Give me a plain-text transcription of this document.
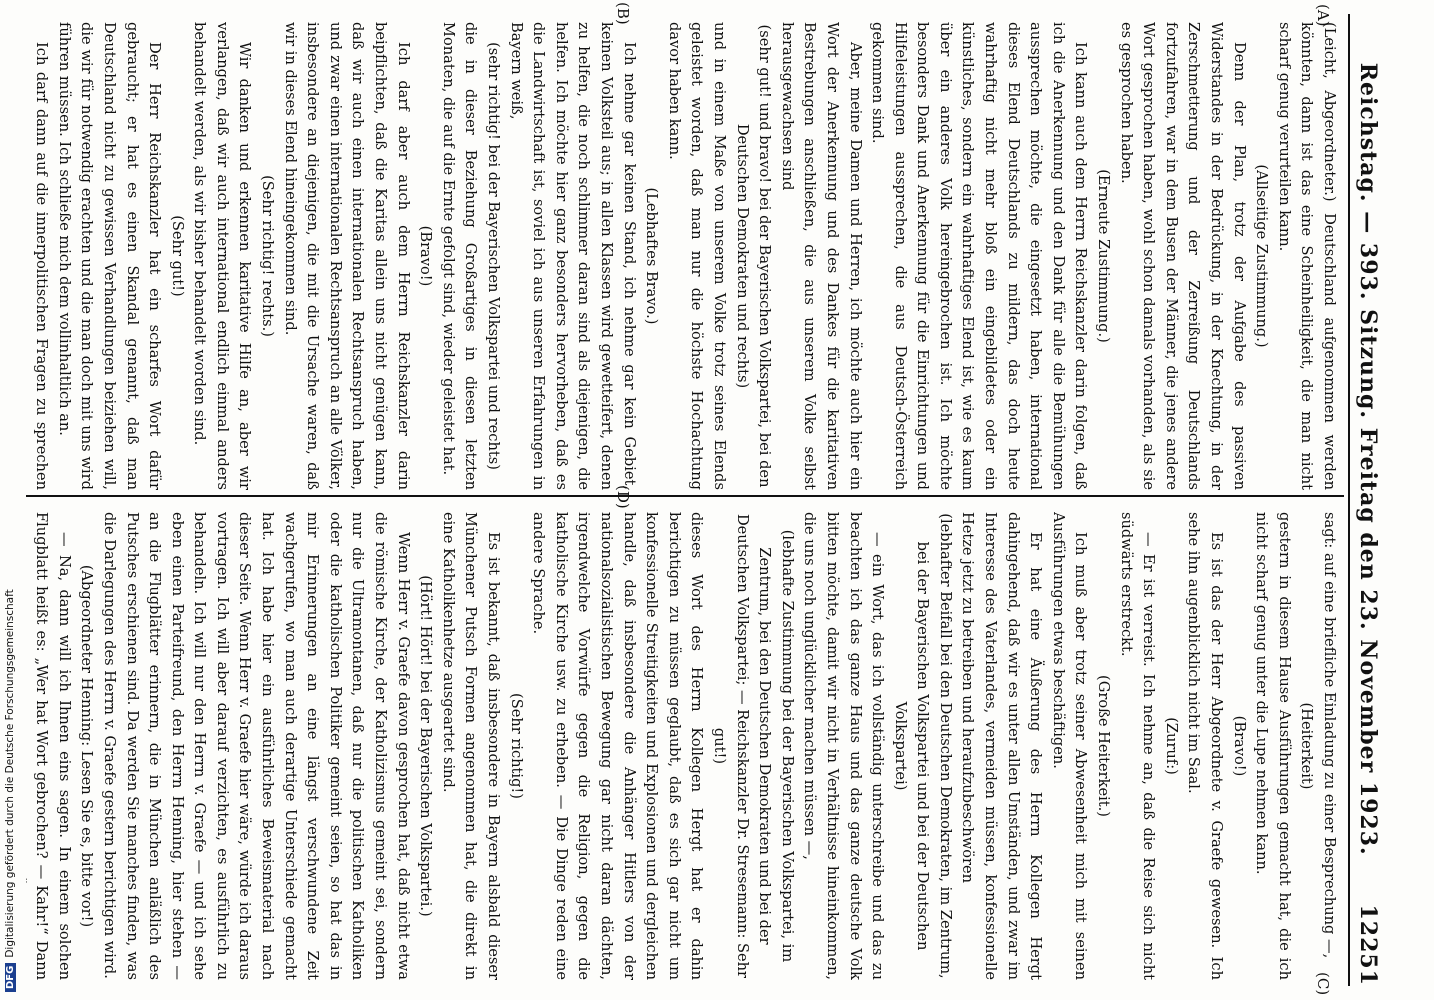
Reichstag. — 393. Sitzung. Freitag den 23. November 1923.
12251
(A)
(B)
(C)
(D)

(Leicht, Abgeordneter.) Deutschland aufgenommen werden könnten, dann ist das eine Scheinheiligkeit, die man nicht scharf genug verurteilen kann.

(Allseitige Zustimmung.)

Denn der Plan, trotz der Aufgabe des passiven Widerstandes in der Bedrückung, in der Knechtung, in der Zerschmetterung und der Zerreißung Deutschlands fortzufahren, war in dem Busen der Männer, die jenes andere Wort gesprochen haben, wohl schon damals vorhanden, als sie es gesprochen haben.

(Erneute Zustimmung.)

Ich kann auch dem Herrn Reichskanzler darin folgen, daß ich die Anerkennung und den Dank für alle die Bemühungen aussprechen möchte, die eingesetzt haben, international dieses Elend Deutschlands zu mildern, das doch heute wahrhaftig nicht mehr bloß ein eingebildetes oder ein künstliches, sondern ein wahrhaftiges Elend ist, wie es kaum über ein anderes Volk hereingebrochen ist. Ich möchte besonders Dank und Anerkennung für die Einrichtungen und Hilfeleistungen aussprechen, die aus Deutsch-Österreich gekommen sind.

Aber, meine Damen und Herren, ich möchte auch hier ein Wort der Anerkennung und des Dankes für die karitativen Bestrebungen anschließen, die aus unserem Volke selbst herausgewachsen sind

(sehr gut! und bravo! bei der Bayerischen Volkspartei, bei den Deutschen Demokraten und rechts)

und in einem Maße von unserem Volke trotz seines Elends geleistet worden, daß man nur die höchste Hochachtung davor haben kann.

(Lebhaftes Bravo.)

Ich nehme gar keinen Stand, ich nehme gar kein Gebiet, keinen Volksteil aus; in allen Klassen wird gewetteifert, denen zu helfen, die noch schlimmer daran sind als diejenigen, die helfen. Ich möchte hier ganz besonders hervorheben, daß es die Landwirtschaft ist, soviel ich aus unseren Erfahrungen in Bayern weiß,

(sehr richtig! bei der Bayerischen Volkspartei und rechts)

die in dieser Beziehung Großartiges in diesen letzten Monaten, die auf die Ernte gefolgt sind, wieder geleistet hat.

(Bravo!)

Ich darf aber auch dem Herrn Reichskanzler darin beipflichten, daß die Karitas allein uns nicht genügen kann, daß wir auch einen internationalen Rechtsanspruch haben, und zwar einen internationalen Rechtsanspruch an alle Völker, insbesondere an diejenigen, die mit die Ursache waren, daß wir in dieses Elend hineingekommen sind.

(Sehr richtig! rechts.)

Wir danken und erkennen karitative Hilfe an, aber wir verlangen, daß wir auch international endlich einmal anders behandelt werden, als wir bisher behandelt worden sind.

(Sehr gut!)

Der Herr Reichskanzler hat ein scharfes Wort dafür gebraucht; er hat es einen Skandal genannt, daß man Deutschland nicht zu gewissen Verhandlungen beiziehen will, die wir für notwendig erachten und die man doch mit uns wird führen müssen. Ich schließe mich dem vollinhaltlich an.

Ich darf dann auf die innerpolitischen Fragen zu sprechen

sagt: auf eine briefliche Einladung zu einer Besprechung —,

(Heiterkeit)

gestern in diesem Hause Ausführungen gemacht hat, die ich nicht scharf genug unter die Lupe nehmen kann.

(Bravo!)

Es ist das der Herr Abgeordnete v. Graefe gewesen. Ich sehe ihn augenblicklich nicht im Saal.

(Zuruf:)

— Er ist verreist. Ich nehme an, daß die Reise sich nicht südwärts erstreckt.

(Große Heiterkeit.)

Ich muß aber trotz seiner Abwesenheit mich mit seinen Ausführungen etwas beschäftigen.

Er hat eine Äußerung des Herrn Kollegen Hergt dahingehend, daß wir es unter allen Umständen, und zwar im Interesse des Vaterlandes, vermeiden müssen, konfessionelle Hetze jetzt zu betreiben und heraufzubeschwören

(lebhafter Beifall bei den Deutschen Demokraten, im Zentrum, bei der Bayerischen Volkspartei und bei der Deutschen Volkspartei)

— ein Wort, das ich vollständig unterschreibe und das zu beachten ich das ganze Haus und das ganze deutsche Volk bitten möchte, damit wir nicht in Verhältnisse hineinkommen, die uns noch unglücklicher machen müssen —,

(lebhafte Zustimmung bei der Bayerischen Volkspartei, im Zentrum, bei den Deutschen Demokraten und bei der Deutschen Volkspartei; — Reichskanzler Dr. Stresemann: Sehr gut!)

dieses Wort des Herrn Kollegen Hergt hat er dahin berichtigen zu müssen geglaubt, daß es sich gar nicht um konfessionelle Streitigkeiten und Explosionen und dergleichen handle, daß insbesondere die Anhänger Hitlers von der nationalsozialistischen Bewegung gar nicht daran dächten, irgendwelche Vorwürfe gegen die Religion, gegen die katholische Kirche usw. zu erheben. — Die Dinge reden eine andere Sprache.

(Sehr richtig!)

Es ist bekannt, daß insbesondere in Bayern alsbald dieser Münchener Putsch Formen angenommen hat, die direkt in eine Katholikenhetze ausgeartet sind.

(Hört! Hört! bei der Bayerischen Volkspartei.)

Wenn Herr v. Graefe davon gesprochen hat, daß nicht etwa die römische Kirche, der Katholizismus gemeint sei, sondern nur die Ultramontanen, daß nur die politischen Katholiken oder die katholischen Politiker gemeint seien, so hat das in mir Erinnerungen an eine längst verschwundene Zeit wachgerufen, wo man auch derartige Unterschiede gemacht hat. Ich habe hier ein ausführliches Beweismaterial nach dieser Seite. Wenn Herr v. Graefe hier wäre, würde ich daraus vortragen. Ich will aber darauf verzichten, es ausführlich zu behandeln. Ich will nur den Herrn v. Graefe — und ich sehe eben einen Parteifreund, den Herrn Henning, hier stehen — an die Flugblätter erinnern, die in München anläßlich des Putsches erschienen sind. Da werden Sie manches finden, was die Darlegungen des Herrn v. Graefe gestern berichtigen wird.

(Abgeordneter Henning: Lesen Sie es, bitte vor!)

— Na, dann will ich Ihnen eins sagen. In einem solchen Flugblatt heißt es: „Wer hat Wort gebrochen? — Kahr!“ Dann

DFGDigitalisierung gefördert durch die Deutsche Forschungsgemeinschaft
